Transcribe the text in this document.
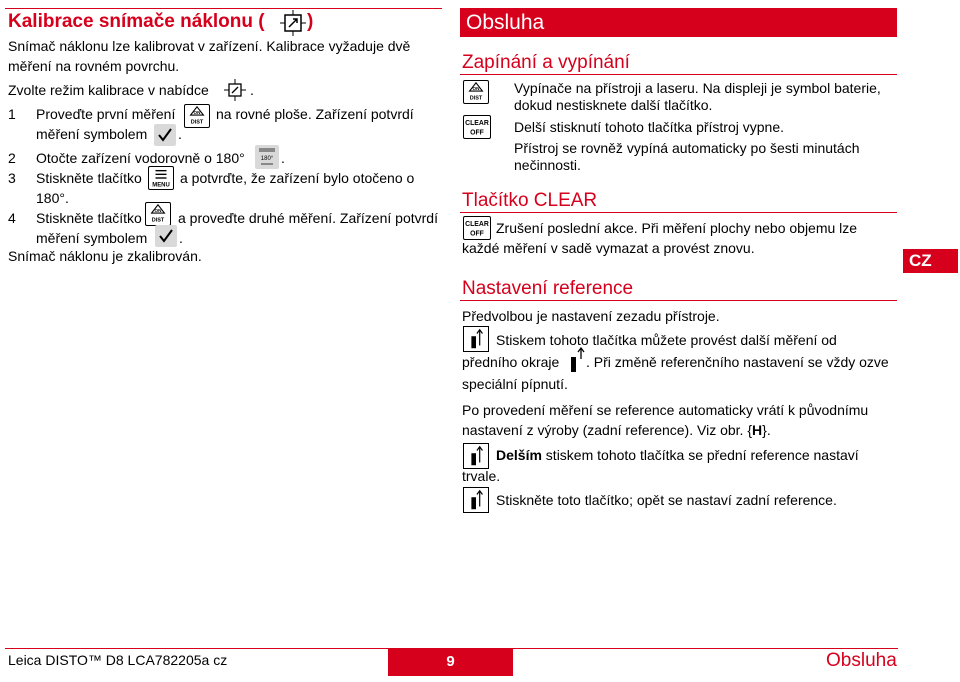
Kalibrace snímače náklonu ( )
Snímač náklonu lze kalibrovat v zařízení. Kalibrace vyžaduje dvě
měření na rovném povrchu.
Zvolte režim kalibrace v nabídce	.
1 Proveďte první měření	ON
DIST
na rovné ploše. Zařízení potvrdí
měření symbolem .
2 Otočte zařízení vodorovně o 180°	180° .
3 Stiskněte tlačítko MENU a potvrďte, že zařízení bylo otočeno o
180°.
4 Stiskněte tlačítko	ON
DIST a proveďte druhé měření. Zařízení potvrdí
měření symbolem .
Snímač náklonu je zkalibrován.
Obsluha
Zapínání a vypínání
ON
DIST
Vypínače na přístroji a laseru. Na displeji je symbol baterie,
dokud nestisknete další tlačítko.
CLEAR
OFF Delší stisknutí tohoto tlačítka přístroj vypne.
Přístroj se rovněž vypíná automaticky po šesti minutách
nečinnosti.
Tlačítko CLEAR
CLEAR
OFF Zrušení poslední akce. Při měření plochy nebo objemu lze
každé měření v sadě vymazat a provést znovu.
CZ
Nastavení reference
Předvolbou je nastavení zezadu přístroje.
Stiskem tohoto tlačítka můžete provést další měření od
předního okraje . Při změně referenčního nastavení se vždy ozve
speciální pípnutí.
Po provedení měření se reference automaticky vrátí k původnímu
nastavení z výroby (zadní reference). Viz obr. {H}.
Delším stiskem tohoto tlačítka se přední reference nastaví
trvale.
Stiskněte toto tlačítko; opět se nastaví zadní reference.
Leica DISTO™ D8 LCA782205a cz	9	Obsluha
